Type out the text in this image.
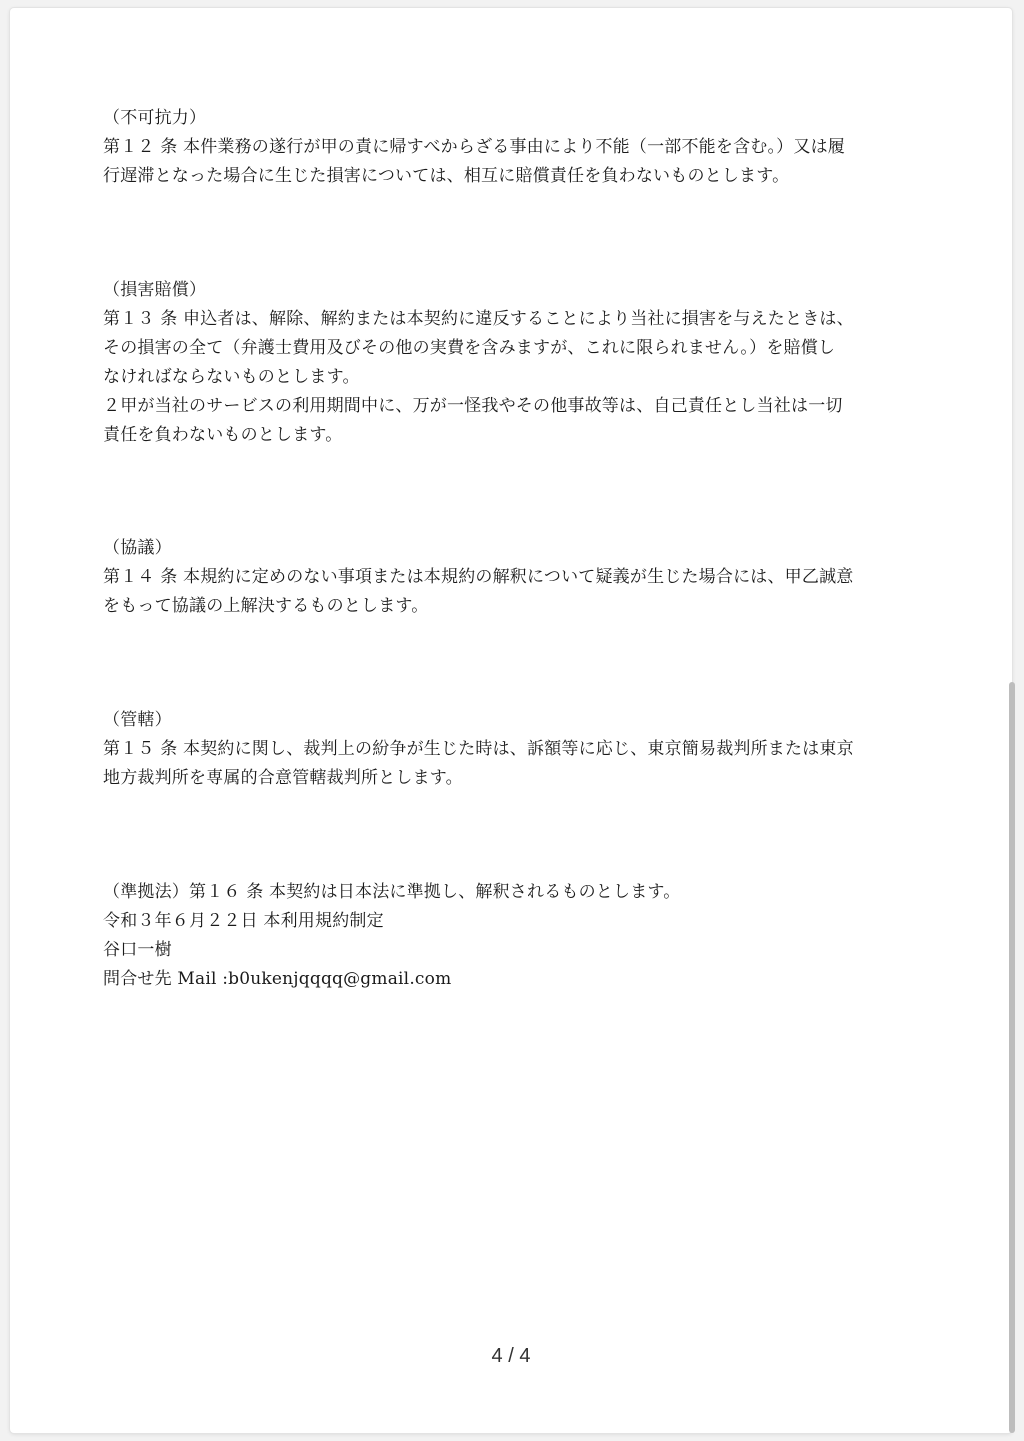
（不可抗力）
第１２ 条 本件業務の遂行が甲の責に帰すべからざる事由により不能（一部不能を含む。）又は履
行遅滞となった場合に生じた損害については、相互に賠償責任を負わないものとします。
（損害賠償）
第１３ 条 申込者は、解除、解約または本契約に違反することにより当社に損害を与えたときは、
その損害の全て（弁護士費用及びその他の実費を含みますが、これに限られません。）を賠償し
なければならないものとします。
２甲が当社のサービスの利用期間中に、万が一怪我やその他事故等は、自己責任とし当社は一切
責任を負わないものとします。
（協議）
第１４ 条 本規約に定めのない事項または本規約の解釈について疑義が生じた場合には、甲乙誠意
をもって協議の上解決するものとします。
（管轄）
第１５ 条 本契約に関し、裁判上の紛争が生じた時は、訴額等に応じ、東京簡易裁判所または東京
地方裁判所を専属的合意管轄裁判所とします。
（準拠法）第１６ 条 本契約は日本法に準拠し、解釈されるものとします。
令和３年６月２２日 本利用規約制定
谷口一樹
問合せ先 Mail :b0ukenjqqqq@gmail.com
4 / 4
